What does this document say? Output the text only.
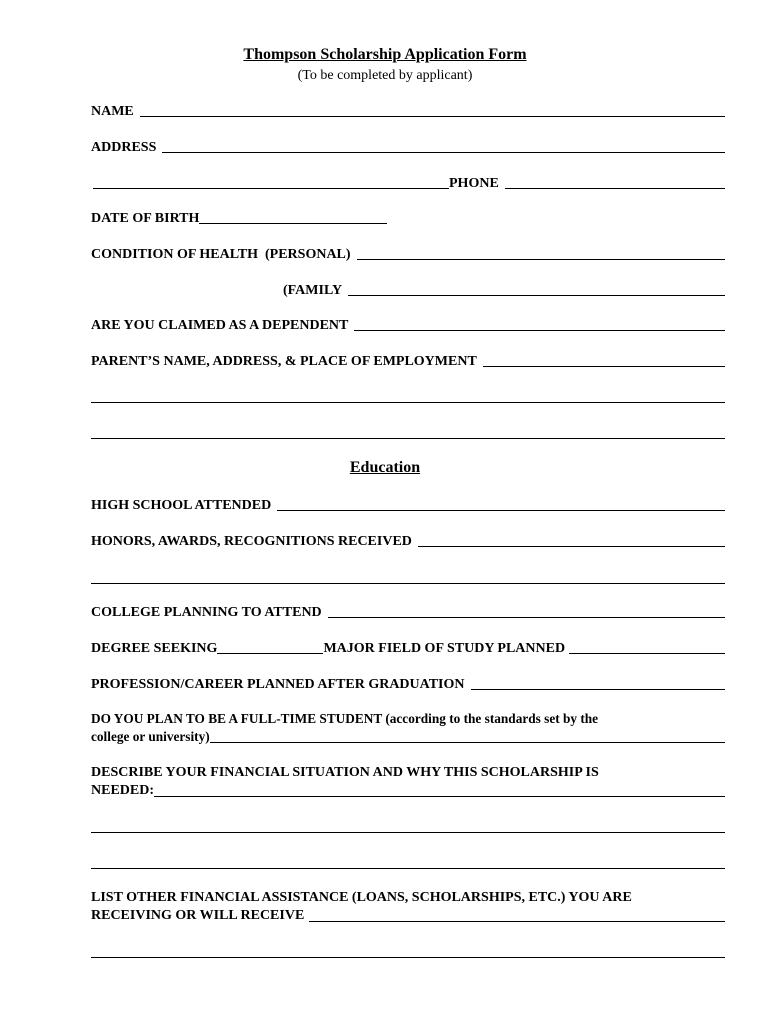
Thompson Scholarship Application Form
(To be completed by applicant)
NAME
ADDRESS
PHONE
DATE OF BIRTH
CONDITION OF HEALTH  (PERSONAL)
(FAMILY
ARE YOU CLAIMED AS A DEPENDENT
PARENT’S NAME, ADDRESS, & PLACE OF EMPLOYMENT
Education
HIGH SCHOOL ATTENDED
HONORS, AWARDS, RECOGNITIONS RECEIVED
COLLEGE PLANNING TO ATTEND
DEGREE SEEKING	MAJOR FIELD OF STUDY PLANNED
PROFESSION/CAREER PLANNED AFTER GRADUATION
DO YOU PLAN TO BE A FULL-TIME STUDENT (according to the standards set by the
college or university)
DESCRIBE YOUR FINANCIAL SITUATION AND WHY THIS SCHOLARSHIP IS
NEEDED:
LIST OTHER FINANCIAL ASSISTANCE (LOANS, SCHOLARSHIPS, ETC.) YOU ARE
RECEIVING OR WILL RECEIVE
